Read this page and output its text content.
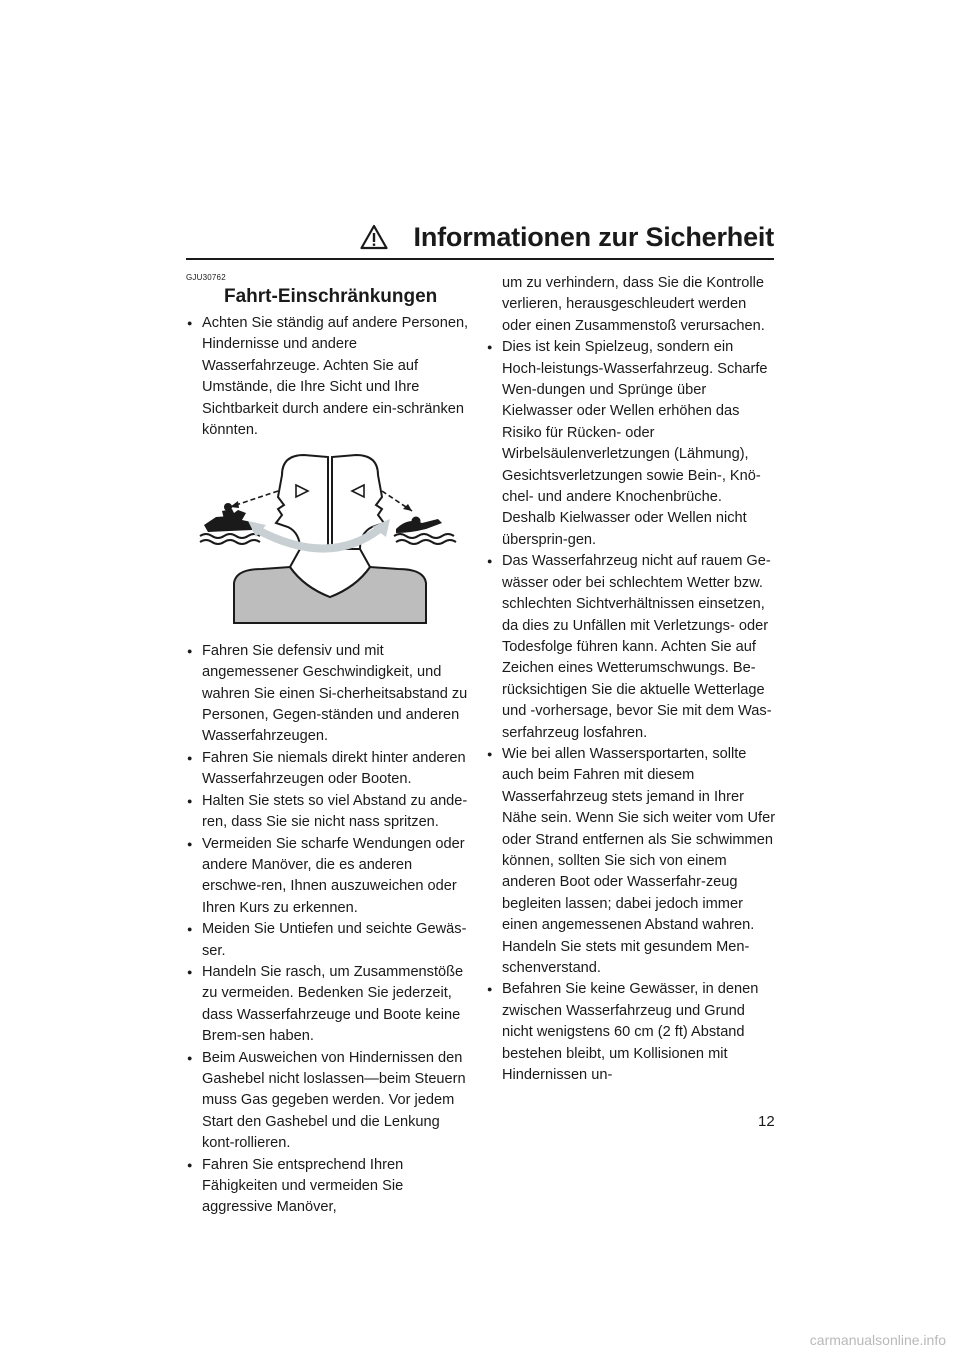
Informationen zur Sicherheit

GJU30762

Fahrt-Einschränkungen
● Achten Sie ständig auf andere Personen, Hindernisse und andere Wasserfahrzeuge. Achten Sie auf Umstände, die Ihre Sicht und Ihre Sichtbarkeit durch andere ein-schränken könnten.
● Fahren Sie defensiv und mit angemessener Geschwindigkeit, und wahren Sie einen Si-cherheitsabstand zu Personen, Gegen-ständen und anderen Wasserfahrzeugen.
● Fahren Sie niemals direkt hinter anderen Wasserfahrzeugen oder Booten.
● Halten Sie stets so viel Abstand zu ande-ren, dass Sie sie nicht nass spritzen.
● Vermeiden Sie scharfe Wendungen oder andere Manöver, die es anderen erschwe-ren, Ihnen auszuweichen oder Ihren Kurs zu erkennen.
● Meiden Sie Untiefen und seichte Gewäs-ser.
● Handeln Sie rasch, um Zusammenstöße zu vermeiden. Bedenken Sie jederzeit, dass Wasserfahrzeuge und Boote keine Brem-sen haben.
● Beim Ausweichen von Hindernissen den Gashebel nicht loslassen—beim Steuern muss Gas gegeben werden. Vor jedem Start den Gashebel und die Lenkung kont-rollieren.
● Fahren Sie entsprechend Ihren Fähigkeiten und vermeiden Sie aggressive Manöver,
um zu verhindern, dass Sie die Kontrolle verlieren, herausgeschleudert werden oder einen Zusammenstoß verursachen.
● Dies ist kein Spielzeug, sondern ein Hoch-leistungs-Wasserfahrzeug. Scharfe Wen-dungen und Sprünge über Kielwasser oder Wellen erhöhen das Risiko für Rücken- oder Wirbelsäulenverletzungen (Lähmung), Gesichtsverletzungen sowie Bein-, Knö-chel- und andere Knochenbrüche. Deshalb Kielwasser oder Wellen nicht übersprin-gen.
● Das Wasserfahrzeug nicht auf rauem Ge-wässer oder bei schlechtem Wetter bzw. schlechten Sichtverhältnissen einsetzen, da dies zu Unfällen mit Verletzungs- oder Todesfolge führen kann. Achten Sie auf Zeichen eines Wetterumschwungs. Be-rücksichtigen Sie die aktuelle Wetterlage und -vorhersage, bevor Sie mit dem Was-serfahrzeug losfahren.
● Wie bei allen Wassersportarten, sollte auch beim Fahren mit diesem Wasserfahrzeug stets jemand in Ihrer Nähe sein. Wenn Sie sich weiter vom Ufer oder Strand entfernen als Sie schwimmen können, sollten Sie sich von einem anderen Boot oder Wasserfahr-zeug begleiten lassen; dabei jedoch immer einen angemessenen Abstand wahren. Handeln Sie stets mit gesundem Men-schenverstand.
● Befahren Sie keine Gewässer, in denen zwischen Wasserfahrzeug und Grund nicht wenigstens 60 cm (2 ft) Abstand bestehen bleibt, um Kollisionen mit Hindernissen un-
12
carmanualsonline.info
